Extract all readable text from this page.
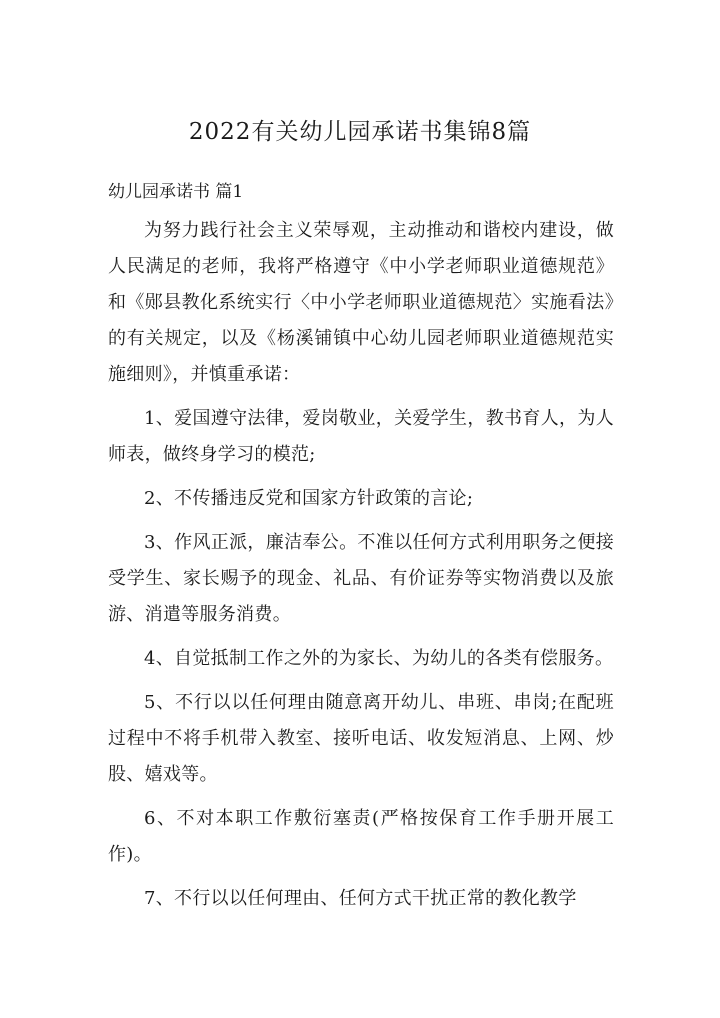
2022有关幼儿园承诺书集锦8篇

幼儿园承诺书 篇1

为努力践行社会主义荣辱观，主动推动和谐校内建设，做人民满足的老师，我将严格遵守《中小学老师职业道德规范》和《郧县教化系统实行〈中小学老师职业道德规范〉实施看法》的有关规定，以及《杨溪铺镇中心幼儿园老师职业道德规范实施细则》，并慎重承诺：

1、爱国遵守法律，爱岗敬业，关爱学生，教书育人，为人师表，做终身学习的模范;

2、不传播违反党和国家方针政策的言论;

3、作风正派，廉洁奉公。不准以任何方式利用职务之便接受学生、家长赐予的现金、礼品、有价证券等实物消费以及旅游、消遣等服务消费。

4、自觉抵制工作之外的为家长、为幼儿的各类有偿服务。

5、不行以以任何理由随意离开幼儿、串班、串岗;在配班过程中不将手机带入教室、接听电话、收发短消息、上网、炒股、嬉戏等。

6、不对本职工作敷衍塞责(严格按保育工作手册开展工作)。

7、不行以以任何理由、任何方式干扰正常的教化教学
